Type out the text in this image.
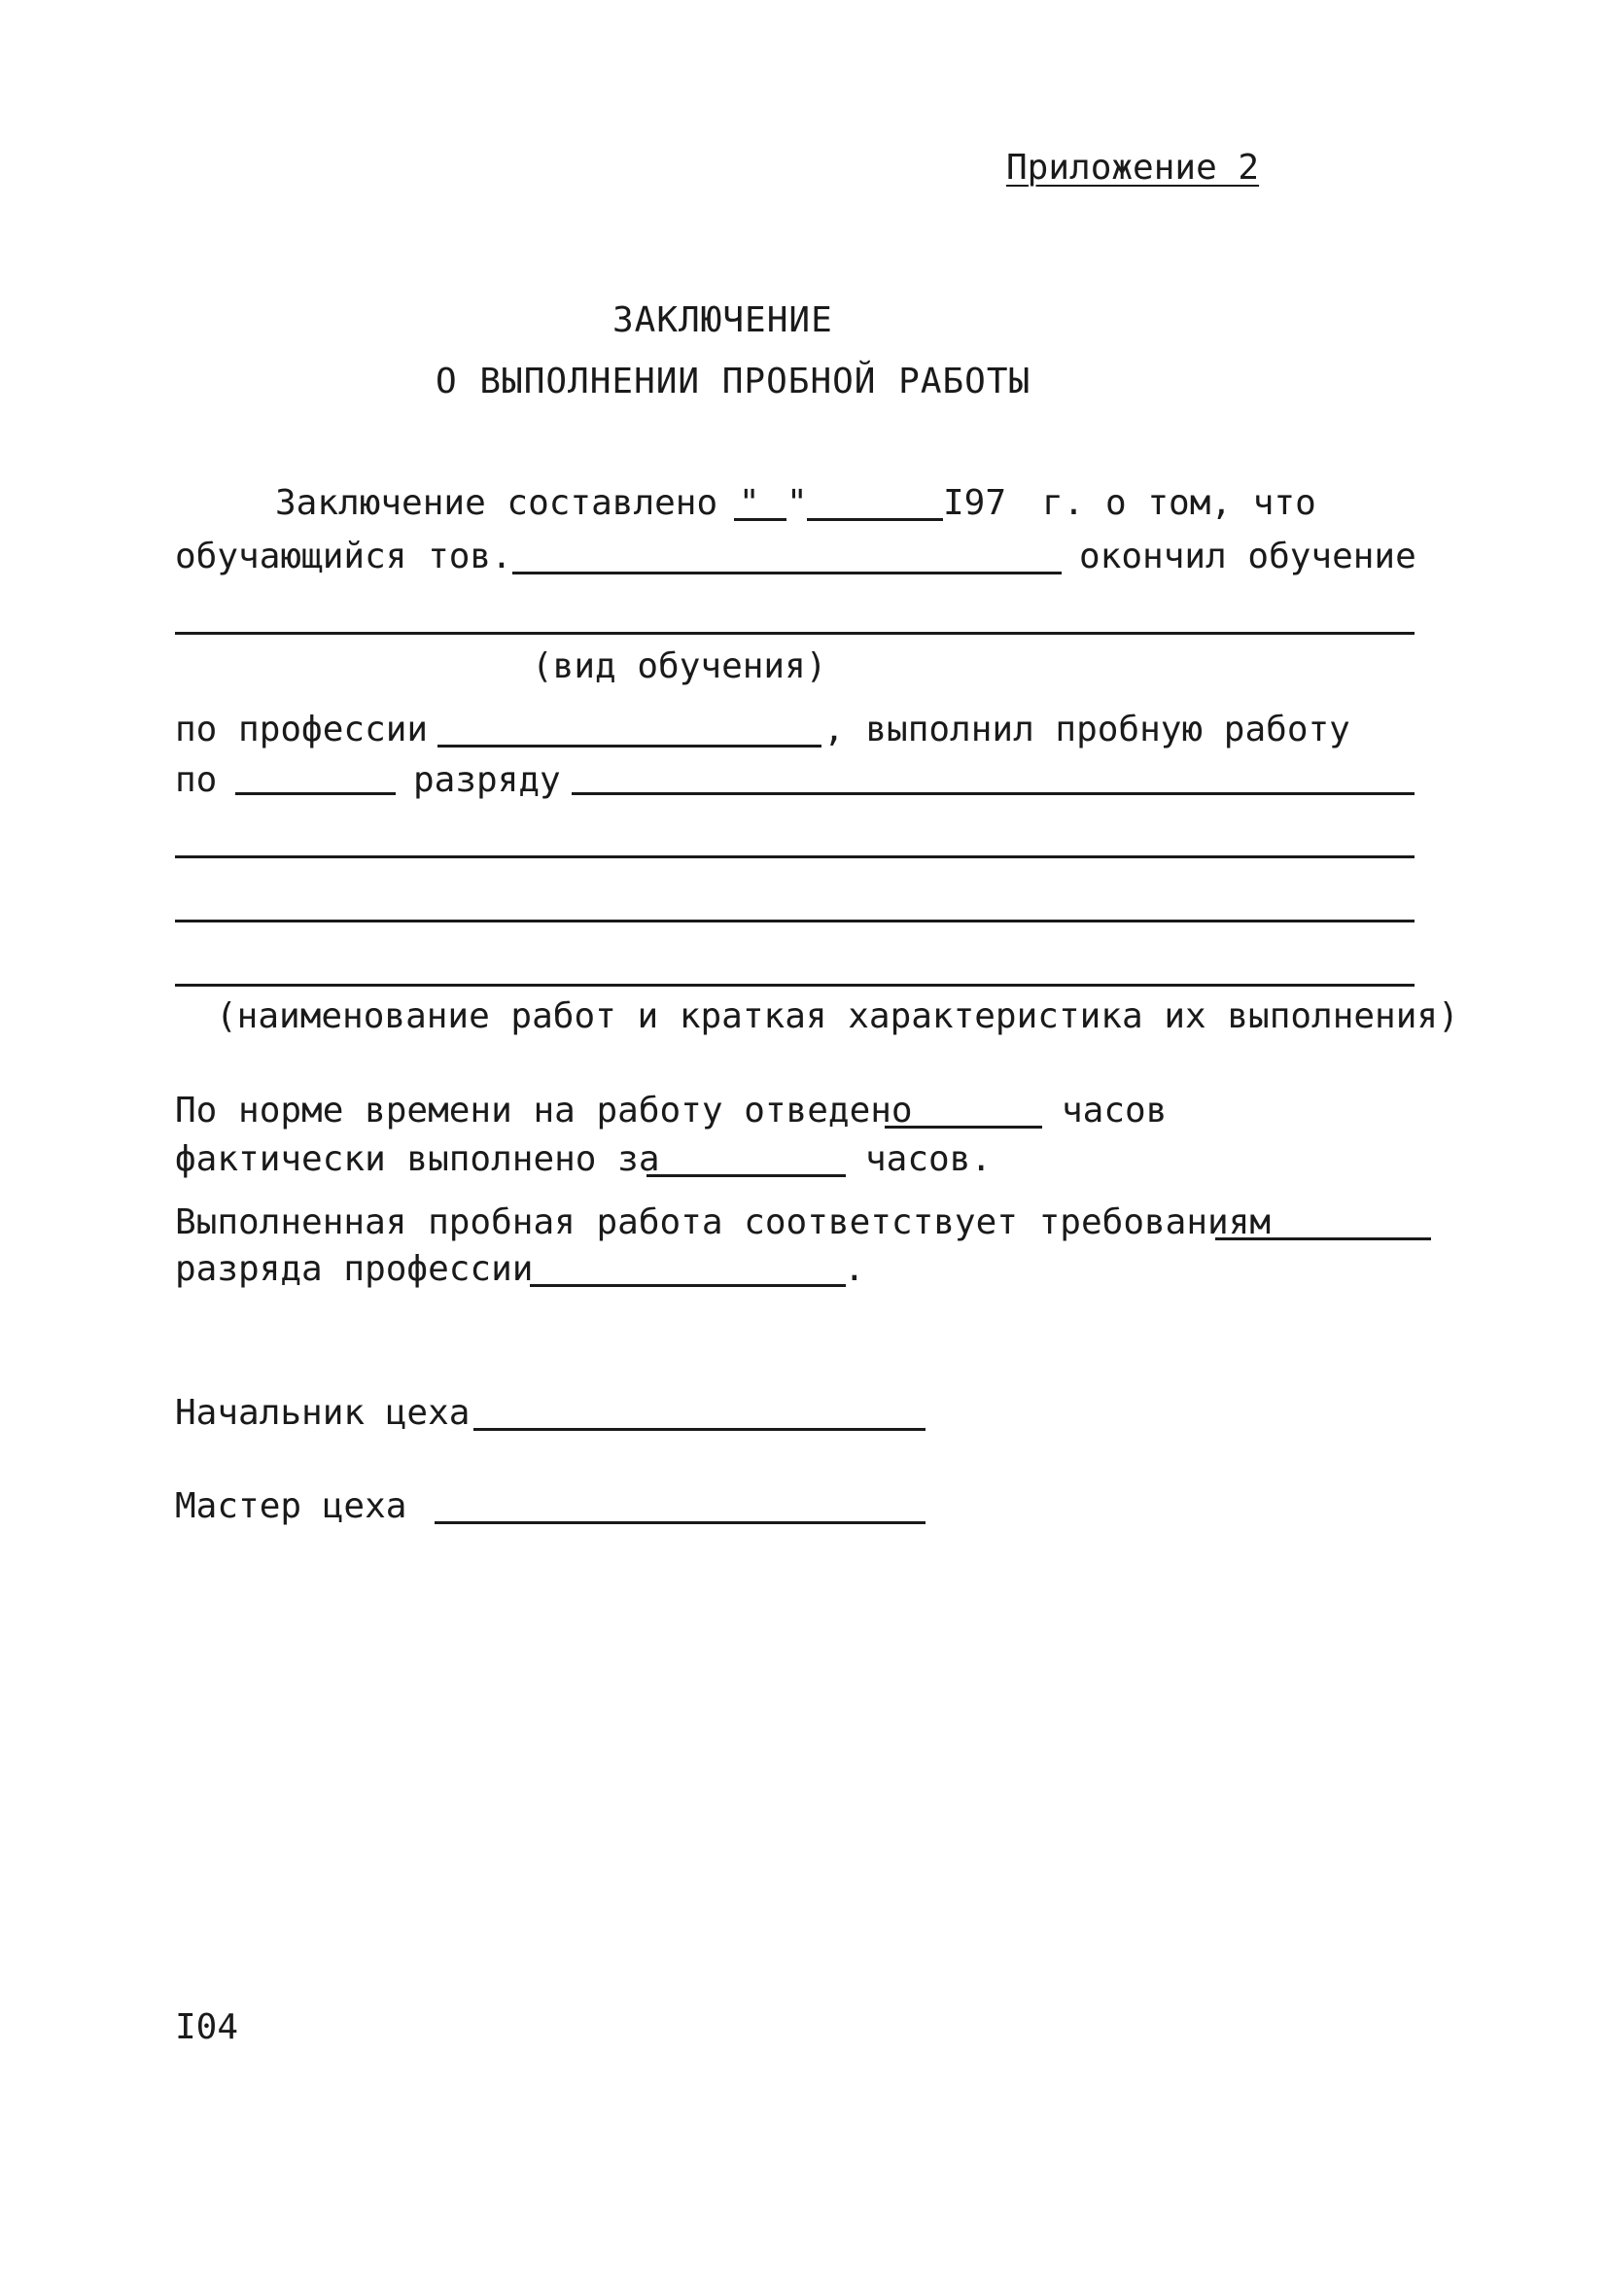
Приложение 2
ЗАКЛЮЧЕНИЕ
О ВЫПОЛНЕНИИ ПРОБНОЙ РАБОТЫ
Заключение составлено " "	I97 г. о том, что
обучающийся тов.	окончил обучение
(вид обучения)
по профессии	, выполнил пробную работу
по	разряду
(наименование работ и краткая характеристика их выполнения)
По норме времени на работу отведено	часов
фактически выполнено за	часов.
Выполненная пробная работа соответствует требованиям
разряда профессии	.
Начальник цеха
Мастер цеха
I04
